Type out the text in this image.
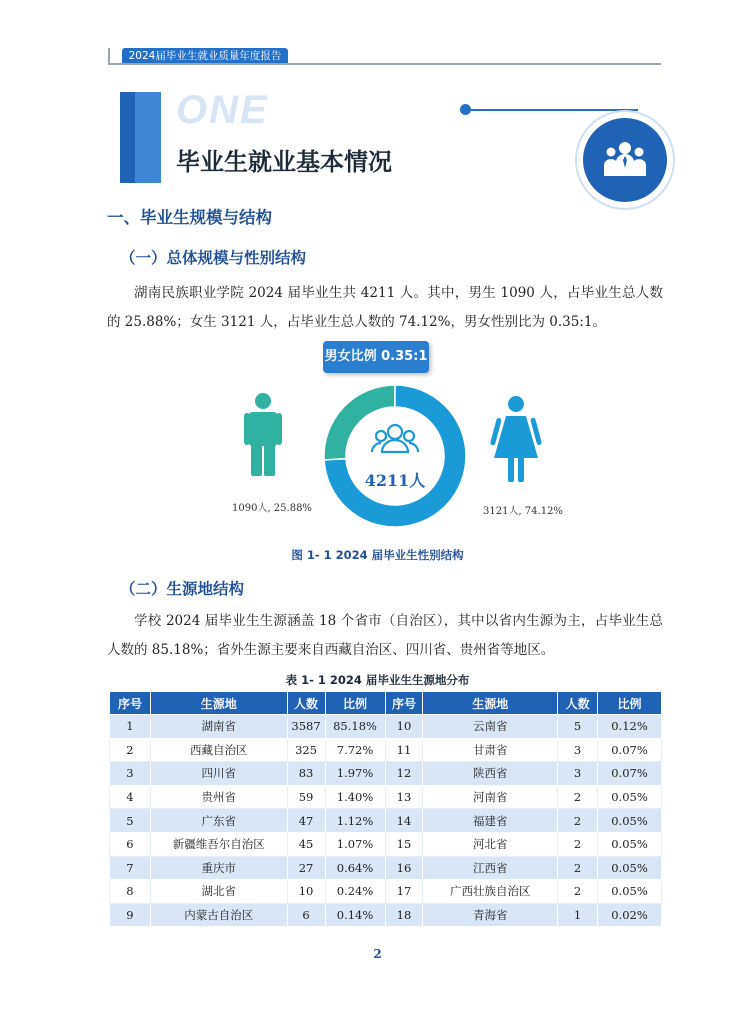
2024届毕业生就业质量年度报告
ONE
毕业生就业基本情况
一、毕业生规模与结构
（一）总体规模与性别结构
湖南民族职业学院 2024 届毕业生共 4211 人。其中，男生 1090 人，占毕业生总人数的 25.88%；女生 3121 人，占毕业生总人数的 74.12%，男女性别比为 0.35:1。
男女比例 0.35:1
4211人
1090人, 25.88%	3121人, 74.12%
图 1- 1 2024 届毕业生性别结构
（二）生源地结构
学校 2024 届毕业生生源涵盖 18 个省市（自治区），其中以省内生源为主，占毕业生总人数的 85.18%；省外生源主要来自西藏自治区、四川省、贵州省等地区。
表 1- 1 2024 届毕业生生源地分布
序号	生源地	人数	比例	序号	生源地	人数	比例
1	湖南省	3587	85.18%	10	云南省	5	0.12%
2	西藏自治区	325	7.72%	11	甘肃省	3	0.07%
3	四川省	83	1.97%	12	陕西省	3	0.07%
4	贵州省	59	1.40%	13	河南省	2	0.05%
5	广东省	47	1.12%	14	福建省	2	0.05%
6	新疆维吾尔自治区	45	1.07%	15	河北省	2	0.05%
7	重庆市	27	0.64%	16	江西省	2	0.05%
8	湖北省	10	0.24%	17	广西壮族自治区	2	0.05%
9	内蒙古自治区	6	0.14%	18	青海省	1	0.02%
2
